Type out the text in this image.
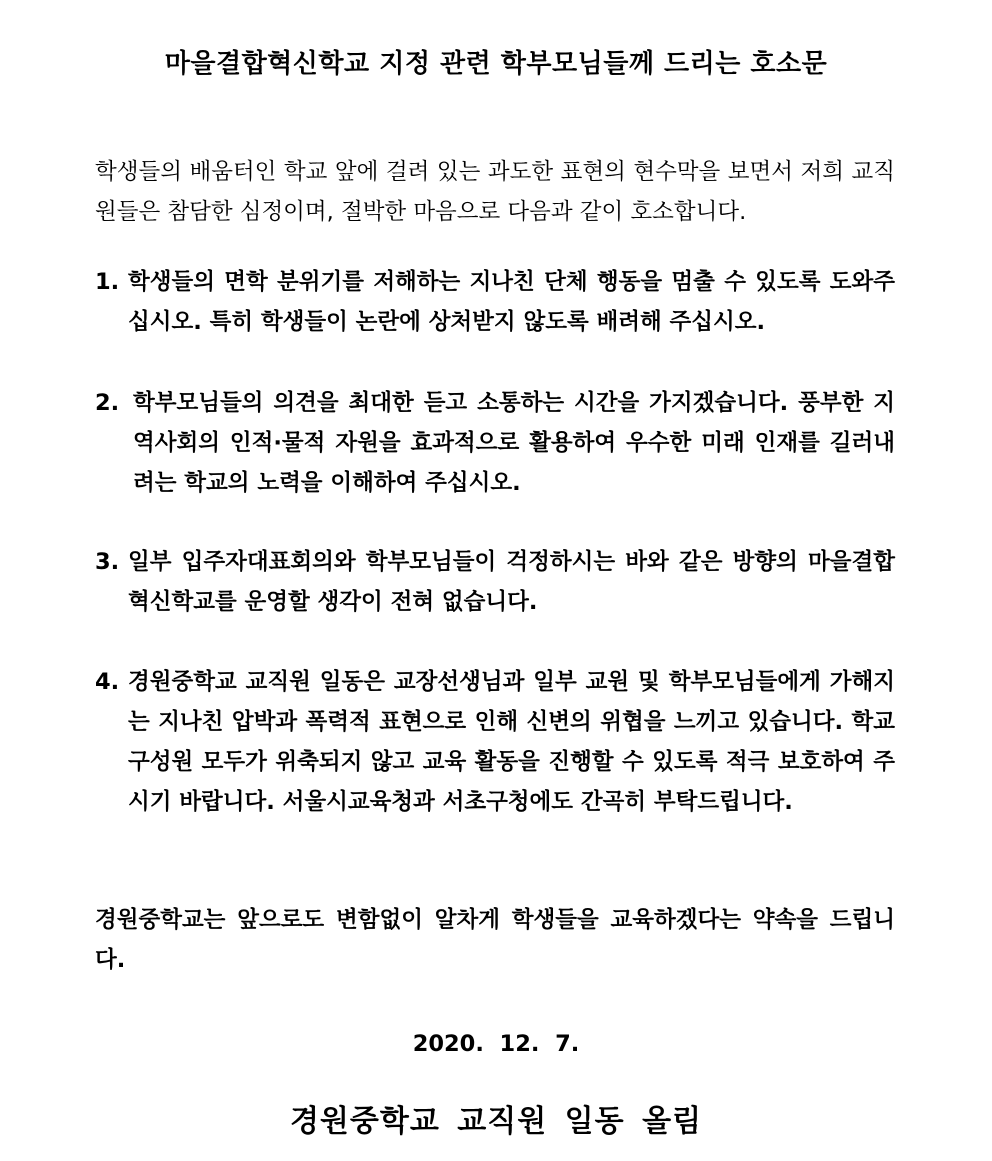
마을결합혁신학교 지정 관련 학부모님들께 드리는 호소문
학생들의 배움터인 학교 앞에 걸려 있는 과도한 표현의 현수막을 보면서 저희 교직원들은 참담한 심정이며, 절박한 마음으로 다음과 같이 호소합니다.
1. 학생들의 면학 분위기를 저해하는 지나친 단체 행동을 멈출 수 있도록 도와주십시오. 특히 학생들이 논란에 상처받지 않도록 배려해 주십시오.
2. 학부모님들의 의견을 최대한 듣고 소통하는 시간을 가지겠습니다. 풍부한 지역사회의 인적·물적 자원을 효과적으로 활용하여 우수한 미래 인재를 길러내려는 학교의 노력을 이해하여 주십시오.
3. 일부 입주자대표회의와 학부모님들이 걱정하시는 바와 같은 방향의 마을결합혁신학교를 운영할 생각이 전혀 없습니다.
4. 경원중학교 교직원 일동은 교장선생님과 일부 교원 및 학부모님들에게 가해지는 지나친 압박과 폭력적 표현으로 인해 신변의 위협을 느끼고 있습니다. 학교 구성원 모두가 위축되지 않고 교육 활동을 진행할 수 있도록 적극 보호하여 주시기 바랍니다. 서울시교육청과 서초구청에도 간곡히 부탁드립니다.
경원중학교는 앞으로도 변함없이 알차게 학생들을 교육하겠다는 약속을 드립니다.
2020.  12.  7.
경원중학교 교직원 일동 올림
